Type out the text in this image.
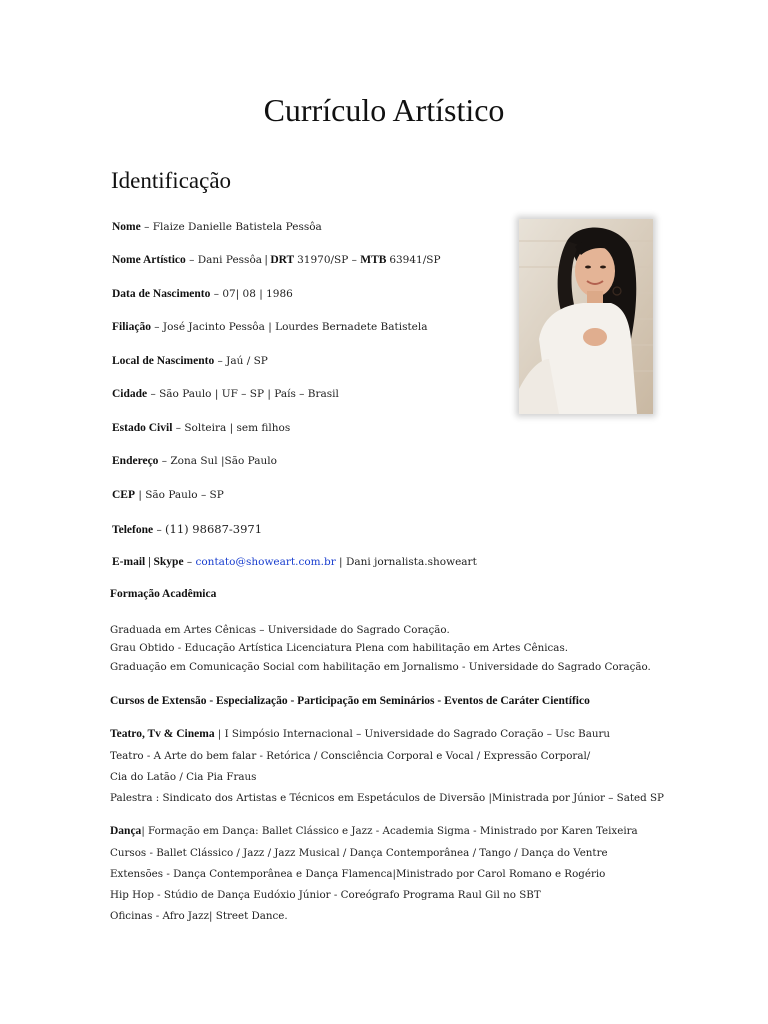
Currículo Artístico
Identificação
Nome – Flaize Danielle Batistela Pessôa
Nome Artístico – Dani Pessôa | DRT 31970/SP – MTB 63941/SP
Data de Nascimento – 07| 08 | 1986
Filiação – José Jacinto Pessôa | Lourdes Bernadete Batistela
Local de Nascimento – Jaú / SP
Cidade – São Paulo | UF – SP | País – Brasil
Estado Civil – Solteira | sem filhos
Endereço – Zona Sul |São Paulo
CEP | São Paulo – SP
Telefone – (11) 98687-3971
E-mail | Skype – contato@showeart.com.br | Dani jornalista.showeart
Formação Acadêmica
Graduada em Artes Cênicas – Universidade do Sagrado Coração.
Grau Obtido - Educação Artística Licenciatura Plena com habilitação em Artes Cênicas.
Graduação em Comunicação Social com habilitação em Jornalismo - Universidade do Sagrado Coração.
Cursos de Extensão - Especialização - Participação em Seminários - Eventos de Caráter Científico
Teatro, Tv & Cinema | I Simpósio Internacional – Universidade do Sagrado Coração – Usc Bauru
Teatro - A Arte do bem falar - Retórica / Consciência Corporal e Vocal / Expressão Corporal/
Cia do Latão / Cia Pia Fraus
Palestra : Sindicato dos Artistas e Técnicos em Espetáculos de Diversão |Ministrada por Júnior – Sated SP
Dança| Formação em Dança: Ballet Clássico e Jazz - Academia Sigma - Ministrado por Karen Teixeira
Cursos - Ballet Clássico / Jazz / Jazz Musical / Dança Contemporânea / Tango / Dança do Ventre
Extensões - Dança Contemporânea e Dança Flamenca|Ministrado por Carol Romano e Rogério
Hip Hop - Stúdio de Dança Eudóxio Júnior - Coreógrafo Programa Raul Gil no SBT
Oficinas - Afro Jazz| Street Dance.
